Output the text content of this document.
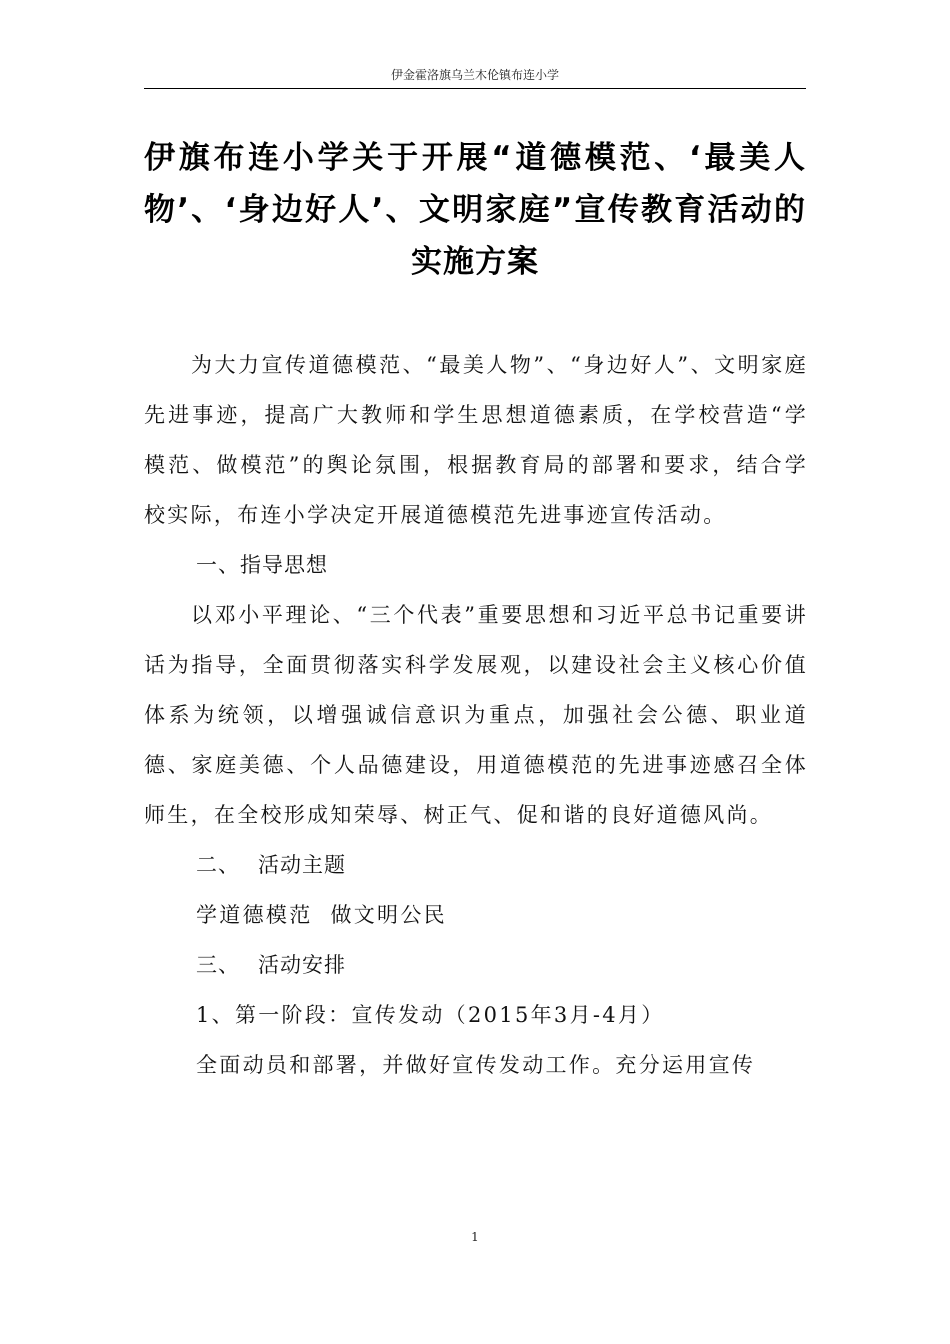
伊金霍洛旗乌兰木伦镇布连小学
伊旗布连小学关于开展“道德模范、‘最美人物’、‘身边好人’、文明家庭”宣传教育活动的实施方案

为大力宣传道德模范、“最美人物”、“身边好人”、文明家庭先进事迹，提高广大教师和学生思想道德素质，在学校营造“学模范、做模范”的舆论氛围，根据教育局的部署和要求，结合学校实际，布连小学决定开展道德模范先进事迹宣传活动。

一、指导思想

以邓小平理论、“三个代表”重要思想和习近平总书记重要讲话为指导，全面贯彻落实科学发展观，以建设社会主义核心价值体系为统领，以增强诚信意识为重点，加强社会公德、职业道德、家庭美德、个人品德建设，用道德模范的先进事迹感召全体师生，在全校形成知荣辱、树正气、促和谐的良好道德风尚。

二、 活动主题

学道德模范  做文明公民

三、 活动安排

1、第一阶段：宣传发动（2015年3月-4月）

全面动员和部署，并做好宣传发动工作。充分运用宣传

1
